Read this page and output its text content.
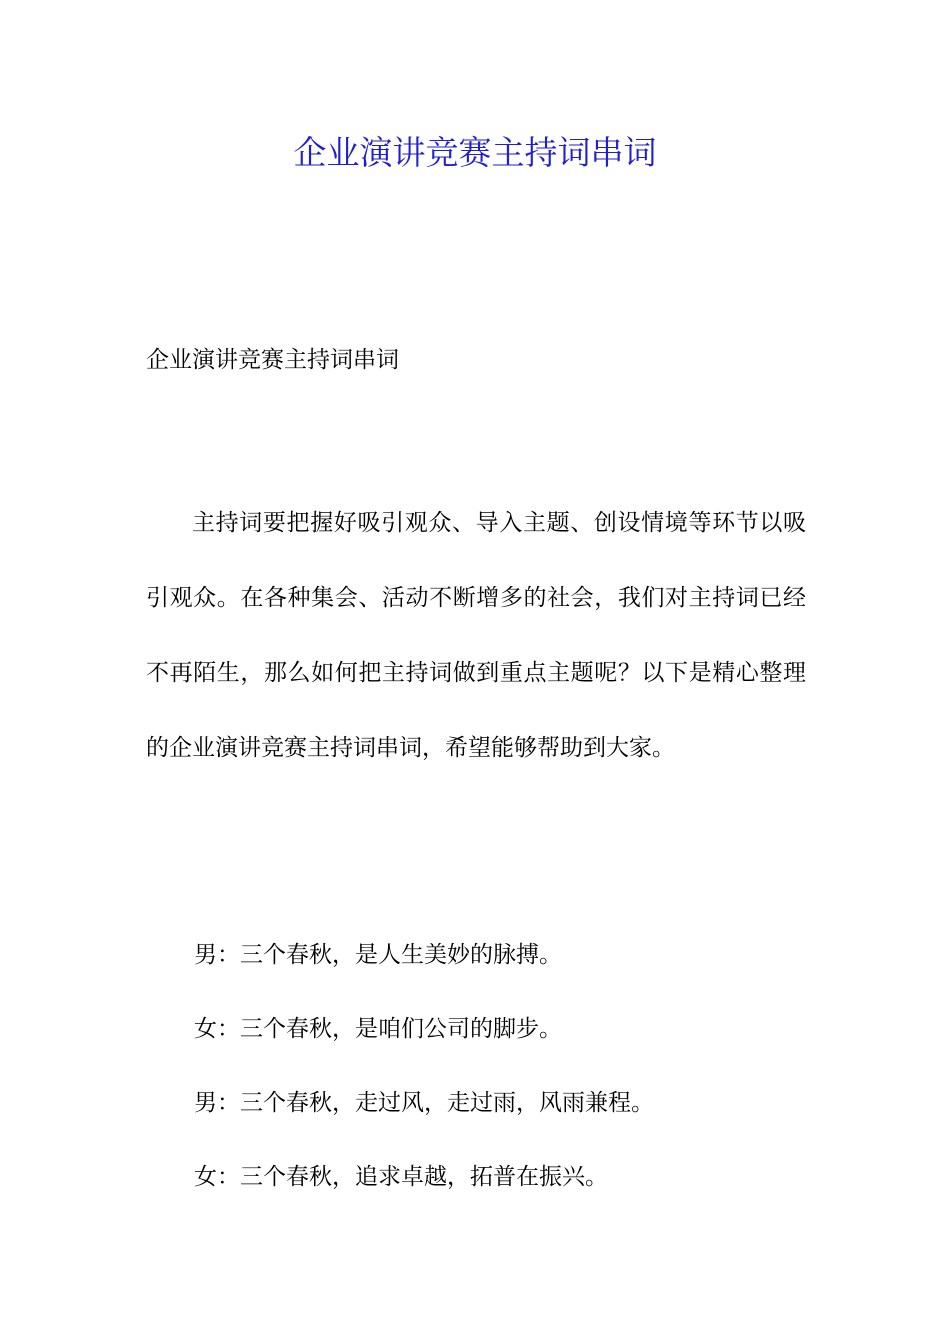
企业演讲竞赛主持词串词
企业演讲竞赛主持词串词

主持词要把握好吸引观众、导入主题、创设情境等环节以吸引观众。在各种集会、活动不断增多的社会，我们对主持词已经不再陌生，那么如何把主持词做到重点主题呢？以下是精心整理的企业演讲竞赛主持词串词，希望能够帮助到大家。

男：三个春秋，是人生美妙的脉搏。
女：三个春秋，是咱们公司的脚步。
男：三个春秋，走过风，走过雨，风雨兼程。
女：三个春秋，追求卓越，拓普在振兴。
